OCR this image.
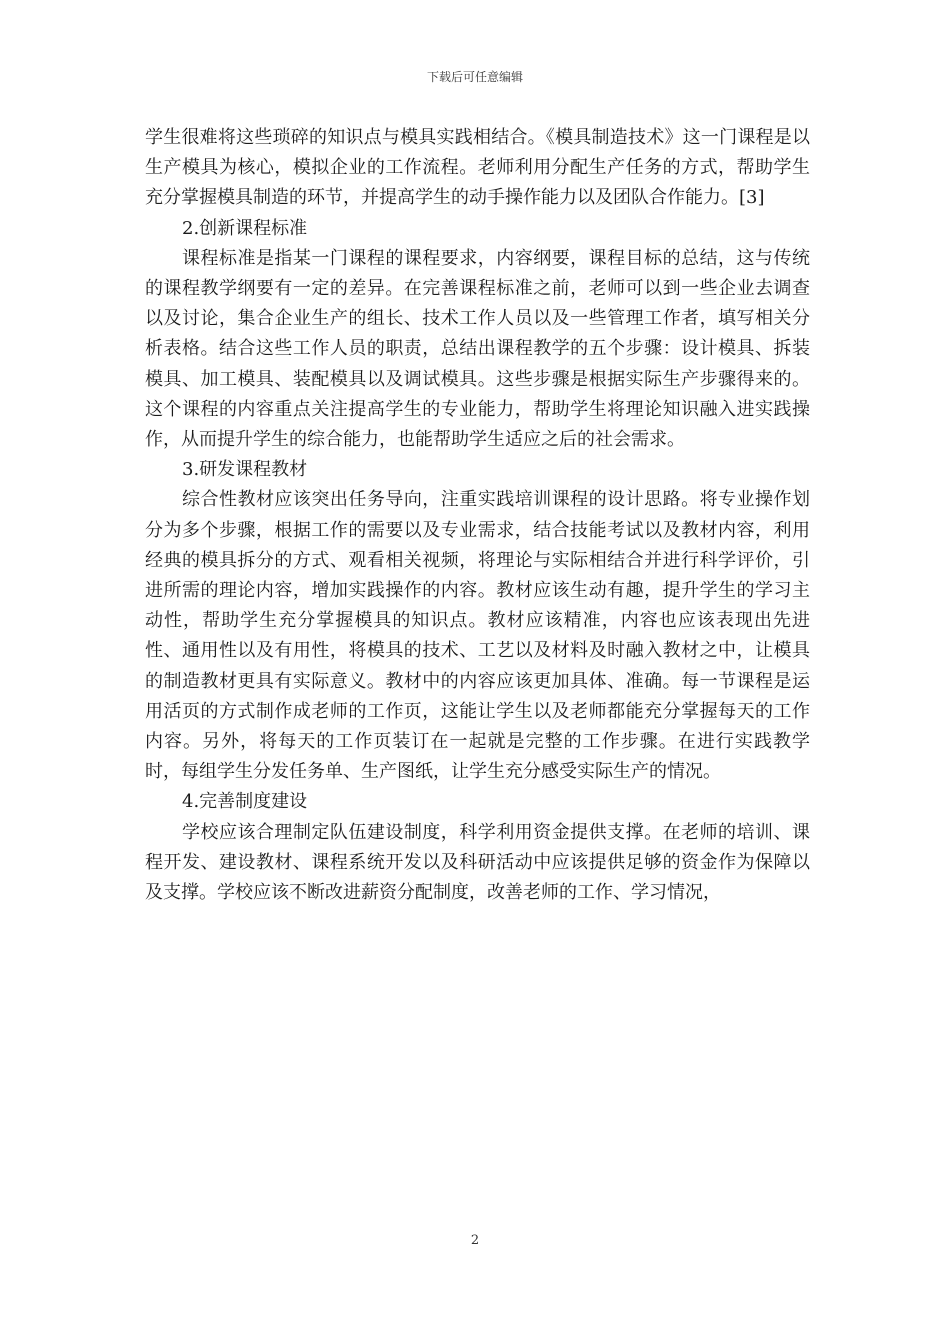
下载后可任意编辑

学生很难将这些琐碎的知识点与模具实践相结合。《模具制造技术》这一门课程是以生产模具为核心，模拟企业的工作流程。老师利用分配生产任务的方式，帮助学生充分掌握模具制造的环节，并提高学生的动手操作能力以及团队合作能力。[3]

2.创新课程标准

课程标准是指某一门课程的课程要求，内容纲要，课程目标的总结，这与传统的课程教学纲要有一定的差异。在完善课程标准之前，老师可以到一些企业去调查以及讨论，集合企业生产的组长、技术工作人员以及一些管理工作者，填写相关分析表格。结合这些工作人员的职责，总结出课程教学的五个步骤：设计模具、拆装模具、加工模具、装配模具以及调试模具。这些步骤是根据实际生产步骤得来的。这个课程的内容重点关注提高学生的专业能力，帮助学生将理论知识融入进实践操作，从而提升学生的综合能力，也能帮助学生适应之后的社会需求。

3.研发课程教材

综合性教材应该突出任务导向，注重实践培训课程的设计思路。将专业操作划分为多个步骤，根据工作的需要以及专业需求，结合技能考试以及教材内容，利用经典的模具拆分的方式、观看相关视频，将理论与实际相结合并进行科学评价，引进所需的理论内容，增加实践操作的内容。教材应该生动有趣，提升学生的学习主动性，帮助学生充分掌握模具的知识点。教材应该精准，内容也应该表现出先进性、通用性以及有用性，将模具的技术、工艺以及材料及时融入教材之中，让模具的制造教材更具有实际意义。教材中的内容应该更加具体、准确。每一节课程是运用活页的方式制作成老师的工作页，这能让学生以及老师都能充分掌握每天的工作内容。另外，将每天的工作页装订在一起就是完整的工作步骤。在进行实践教学时，每组学生分发任务单、生产图纸，让学生充分感受实际生产的情况。

4.完善制度建设

学校应该合理制定队伍建设制度，科学利用资金提供支撑。在老师的培训、课程开发、建设教材、课程系统开发以及科研活动中应该提供足够的资金作为保障以及支撑。学校应该不断改进薪资分配制度，改善老师的工作、学习情况，

2
